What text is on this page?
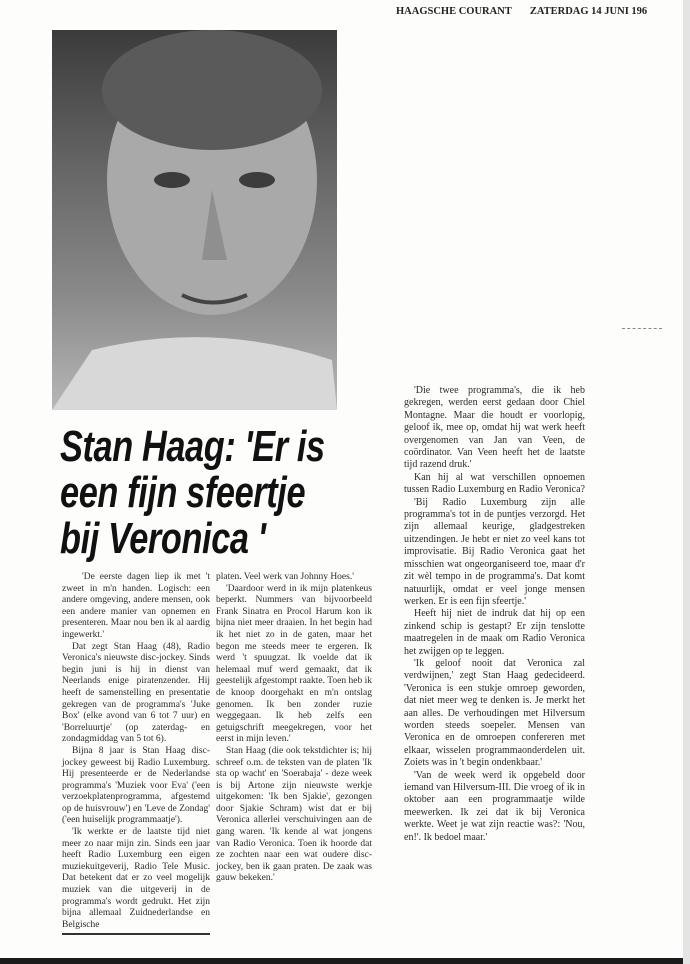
HAAGSCHE COURANT ZATERDAG 14 JUNI 196
Stan Haag: 'Er is
een fijn sfeertje
bij Veronica '

'De eerste dagen liep ik met 't zweet in m'n handen. Logisch: een andere omgeving, andere mensen, ook een andere manier van opnemen en presenteren. Maar nou ben ik al aardig ingewerkt.'

Dat zegt Stan Haag (48), Radio Veronica's nieuwste disc-jockey. Sinds begin juni is hij in dienst van Neerlands enige piratenzender. Hij heeft de samenstelling en presentatie gekregen van de programma's 'Juke Box' (elke avond van 6 tot 7 uur) en 'Borreluurtje' (op zaterdag- en zondagmiddag van 5 tot 6).

Bijna 8 jaar is Stan Haag disc-jockey geweest bij Radio Luxemburg. Hij presenteerde er de Nederlandse programma's 'Muziek voor Eva' ('een verzoekplatenprogramma, afgestemd op de huisvrouw') en 'Leve de Zondag' ('een huiselijk programmaatje').

'Ik werkte er de laatste tijd niet meer zo naar mijn zin. Sinds een jaar heeft Radio Luxemburg een eigen muziekuitgeverij, Radio Tele Music. Dat betekent dat er zo veel mogelijk muziek van die uitgeverij in de programma's wordt gedrukt. Het zijn bijna allemaal Zuidnederlandse en Belgische

platen. Veel werk van Johnny Hoes.'

'Daardoor werd in ik mijn platenkeus beperkt. Nummers van bijvoorbeeld Frank Sinatra en Procol Harum kon ik bijna niet meer draaien. In het begin had ik het niet zo in de gaten, maar het begon me steeds meer te ergeren. Ik werd 't spuugzat. Ik voelde dat ik helemaal muf werd gemaakt, dat ik geestelijk afgestompt raakte. Toen heb ik de knoop doorgehakt en m'n ontslag genomen. Ik ben zonder ruzie weggegaan. Ik heb zelfs een getuigschrift meegekregen, voor het eerst in mijn leven.'

Stan Haag (die ook tekstdichter is; hij schreef o.m. de teksten van de platen 'Ik sta op wacht' en 'Soerabaja' - deze week is bij Artone zijn nieuwste werkje uitgekomen: 'Ik ben Sjakie', gezongen door Sjakie Schram) wist dat er bij Veronica allerlei verschuivingen aan de gang waren. 'Ik kende al wat jongens van Radio Veronica. Toen ik hoorde dat ze zochten naar een wat oudere disc-jockey, ben ik gaan praten. De zaak was gauw bekeken.'

'Die twee programma's, die ik heb gekregen, werden eerst gedaan door Chiel Montagne. Maar die houdt er voorlopig, geloof ik, mee op, omdat hij wat werk heeft overgenomen van Jan van Veen, de coördinator. Van Veen heeft het de laatste tijd razend druk.'

Kan hij al wat verschillen opnoemen tussen Radio Luxemburg en Radio Veronica?

'Bij Radio Luxemburg zijn alle programma's tot in de puntjes verzorgd. Het zijn allemaal keurige, gladgestreken uitzendingen. Je hebt er niet zo veel kans tot improvisatie. Bij Radio Veronica gaat het misschien wat ongeorganiseerd toe, maar d'r zit wèl tempo in de programma's. Dat komt natuurlijk, omdat er veel jonge mensen werken. Er is een fijn sfeertje.'

Heeft hij niet de indruk dat hij op een zinkend schip is gestapt? Er zijn tenslotte maatregelen in de maak om Radio Veronica het zwijgen op te leggen.

'Ik geloof nooit dat Veronica zal verdwijnen,' zegt Stan Haag gedecideerd. 'Veronica is een stukje omroep geworden, dat niet meer weg te denken is. Je merkt het aan alles. De verhoudingen met Hilversum worden steeds soepeler. Mensen van Veronica en de omroepen confereren met elkaar, wisselen programmaonderdelen uit. Zoiets was in 't begin ondenkbaar.'

'Van de week werd ik opgebeld door iemand van Hilversum-III. Die vroeg of ik in oktober aan een programmaatje wilde meewerken. Ik zei dat ik bij Veronica werkte. Weet je wat zijn reactie was?: 'Nou, en!'. Ik bedoel maar.'
